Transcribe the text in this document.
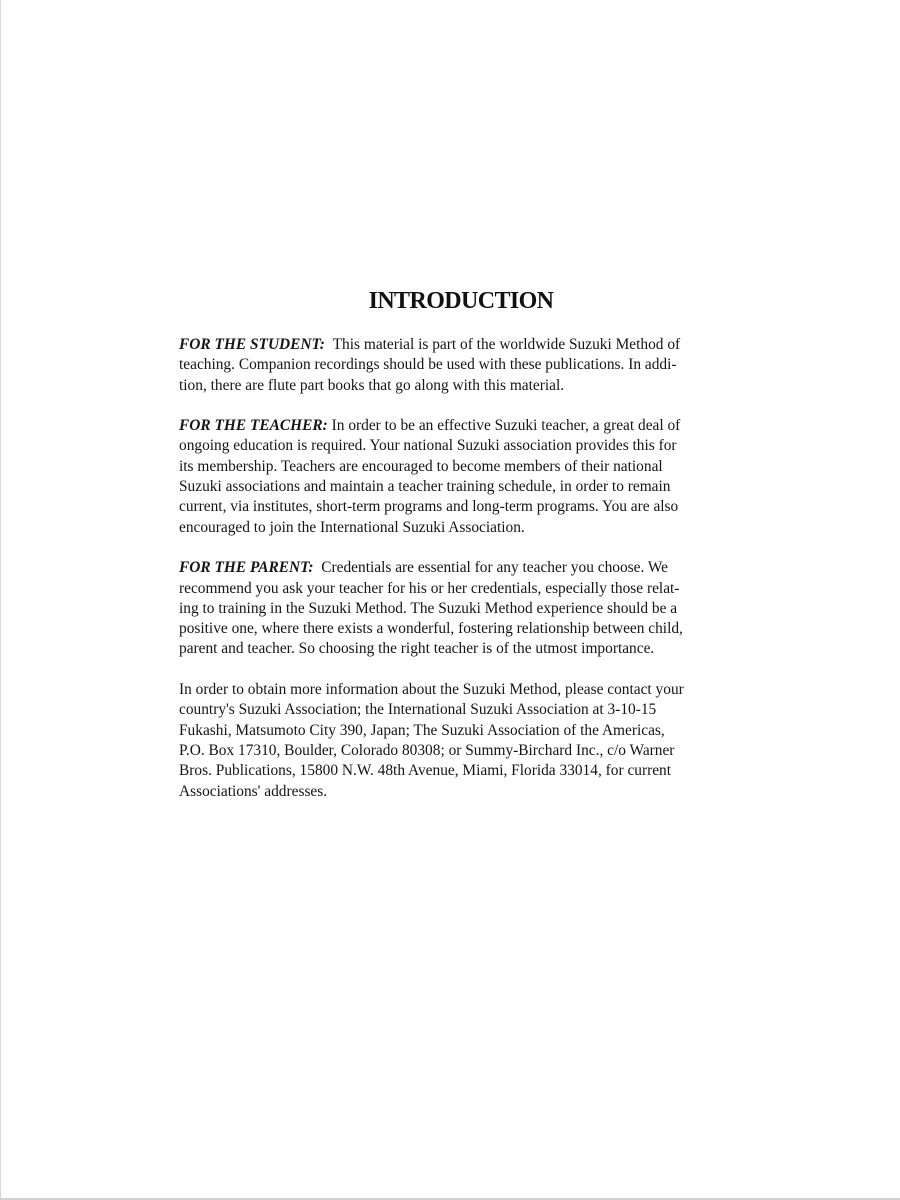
INTRODUCTION

FOR THE STUDENT: This material is part of the worldwide Suzuki Method of
teaching. Companion recordings should be used with these publications. In addi-
tion, there are flute part books that go along with this material.

FOR THE TEACHER: In order to be an effective Suzuki teacher, a great deal of
ongoing education is required. Your national Suzuki association provides this for
its membership. Teachers are encouraged to become members of their national
Suzuki associations and maintain a teacher training schedule, in order to remain
current, via institutes, short-term programs and long-term programs. You are also
encouraged to join the International Suzuki Association.

FOR THE PARENT: Credentials are essential for any teacher you choose. We
recommend you ask your teacher for his or her credentials, especially those relat-
ing to training in the Suzuki Method. The Suzuki Method experience should be a
positive one, where there exists a wonderful, fostering relationship between child,
parent and teacher. So choosing the right teacher is of the utmost importance.

In order to obtain more information about the Suzuki Method, please contact your
country's Suzuki Association; the International Suzuki Association at 3-10-15
Fukashi, Matsumoto City 390, Japan; The Suzuki Association of the Americas,
P.O. Box 17310, Boulder, Colorado 80308; or Summy-Birchard Inc., c/o Warner
Bros. Publications, 15800 N.W. 48th Avenue, Miami, Florida 33014, for current
Associations' addresses.
